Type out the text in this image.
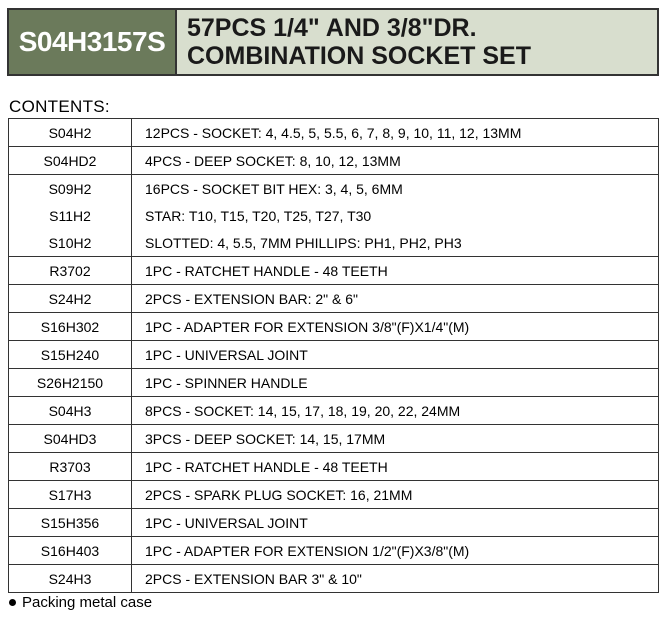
S04H3157S 57PCS 1/4" AND 3/8"DR.
COMBINATION SOCKET SET
CONTENTS:
S04H2	12PCS - SOCKET: 4, 4.5, 5, 5.5, 6, 7, 8, 9, 10, 11, 12, 13MM
S04HD2	4PCS - DEEP SOCKET: 8, 10, 12, 13MM
S09H2	16PCS - SOCKET BIT HEX: 3, 4, 5, 6MM
S11H2	STAR: T10, T15, T20, T25, T27, T30
S10H2	SLOTTED: 4, 5.5, 7MM PHILLIPS: PH1, PH2, PH3
R3702	1PC - RATCHET HANDLE - 48 TEETH
S24H2	2PCS - EXTENSION BAR: 2" & 6"
S16H302	1PC - ADAPTER FOR EXTENSION 3/8"(F)X1/4"(M)
S15H240	1PC - UNIVERSAL JOINT
S26H2150	1PC - SPINNER HANDLE
S04H3	8PCS - SOCKET: 14, 15, 17, 18, 19, 20, 22, 24MM
S04HD3	3PCS - DEEP SOCKET: 14, 15, 17MM
R3703	1PC - RATCHET HANDLE - 48 TEETH
S17H3	2PCS - SPARK PLUG SOCKET: 16, 21MM
S15H356	1PC - UNIVERSAL JOINT
S16H403	1PC - ADAPTER FOR EXTENSION 1/2"(F)X3/8"(M)
S24H3	2PCS - EXTENSION BAR 3" & 10"
Packing metal case
